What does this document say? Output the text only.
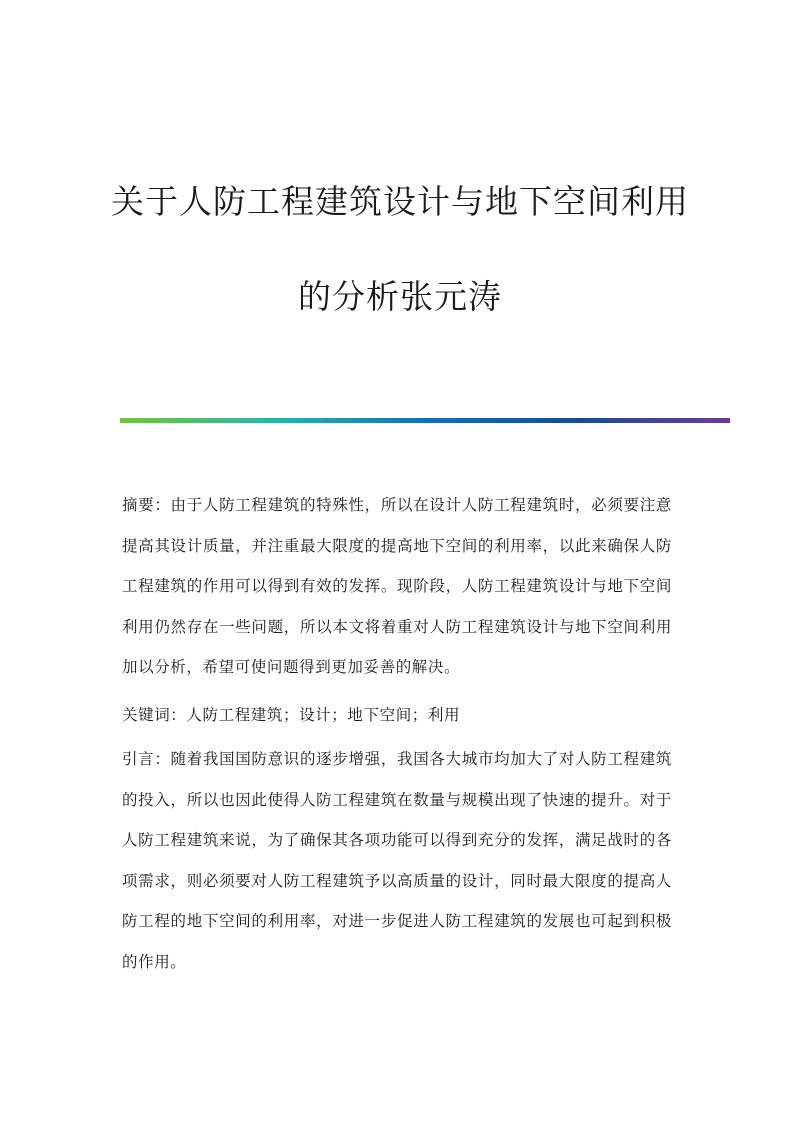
关于人防工程建筑设计与地下空间利用
的分析张元涛

摘要：由于人防工程建筑的特殊性，所以在设计人防工程建筑时，必须要注意提高其设计质量，并注重最大限度的提高地下空间的利用率，以此来确保人防工程建筑的作用可以得到有效的发挥。现阶段，人防工程建筑设计与地下空间利用仍然存在一些问题，所以本文将着重对人防工程建筑设计与地下空间利用加以分析，希望可使问题得到更加妥善的解决。

关键词：人防工程建筑；设计；地下空间；利用

引言：随着我国国防意识的逐步增强，我国各大城市均加大了对人防工程建筑的投入，所以也因此使得人防工程建筑在数量与规模出现了快速的提升。对于人防工程建筑来说，为了确保其各项功能可以得到充分的发挥，满足战时的各项需求，则必须要对人防工程建筑予以高质量的设计，同时最大限度的提高人防工程的地下空间的利用率，对进一步促进人防工程建筑的发展也可起到积极的作用。
